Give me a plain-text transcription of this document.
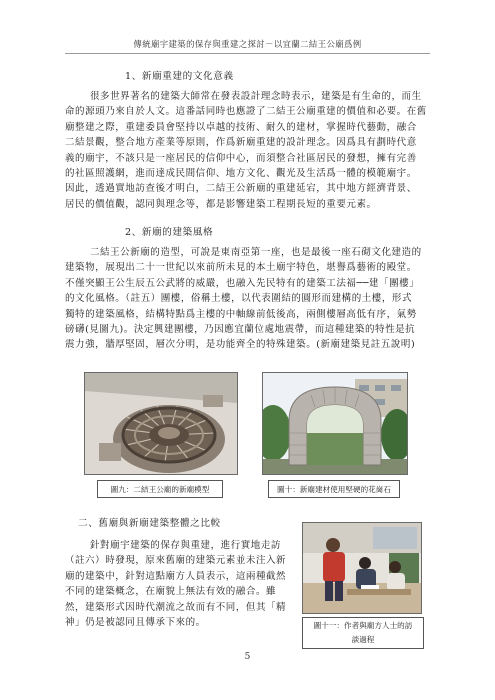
傳統廟宇建築的保存與重建之探討－以宜蘭二結王公廟爲例
1、新廟重建的文化意義
很多世界著名的建築大師常在發表設計理念時表示，建築是有生命的，而生
命的源頭乃來自於人文。這番話同時也應證了二結王公廟重建的價值和必要。在舊
廟整建之際，重建委員會堅持以卓越的技術、耐久的建材，掌握時代藝動，融合
二結景觀，整合地方產業等原則，作爲新廟重建的設計理念。因爲具有劃時代意
義的廟宇，不該只是一座居民的信仰中心，而須整合社區居民的發想，擁有完善
的社區照護網，進而達成民間信仰、地方文化、觀光及生活爲一體的模範廟宇。
因此，透過實地訪查後才明白，二結王公新廟的重建延宕，其中地方經濟背景、
居民的價值觀，認同與理念等，都是影響建築工程期長短的重要元素。
2、新廟的建築風格
二結王公新廟的造型，可說是東南亞第一座，也是最後一座石砌文化建造的
建築物，展現出二十一世紀以來前所未見的本土廟宇特色，堪譽爲藝術的殿堂。
不僅突顯王公生辰五公武將的威嚴，也融入先民特有的建築工法福──建「團樓」
的文化風格。（註五）團樓，俗稱土樓，以代表圍結的圓形而建構的土樓，形式
獨特的建築風格，結構特點爲主樓的中軸線前低後高，兩側樓層高低有序，氣勢
磅礴(見圖九)。決定興建團樓，乃因應宜蘭位處地震帶，而這種建築的特性是抗
震力強，牆厚堅固，層次分明，是功能齊全的特殊建築。(新廟建築見註五說明)
圖九：二結王公廟的新廟模型	圖十：新廟建材使用堅硬的花崗石
二、舊廟與新廟建築整體之比較
針對廟宇建築的保存與重建，進行實地走訪
（註六）時發現，原來舊廟的建築元素並未注入新
廟的建築中，針對這點廟方人員表示，這兩種截然
不同的建築概念，在廟貌上無法有效的融合。雖
然，建築形式因時代潮流之故而有不同，但其「精
神」仍是被認同且傳承下來的。	圖十一：作者與廟方人士的訪
談過程
5
